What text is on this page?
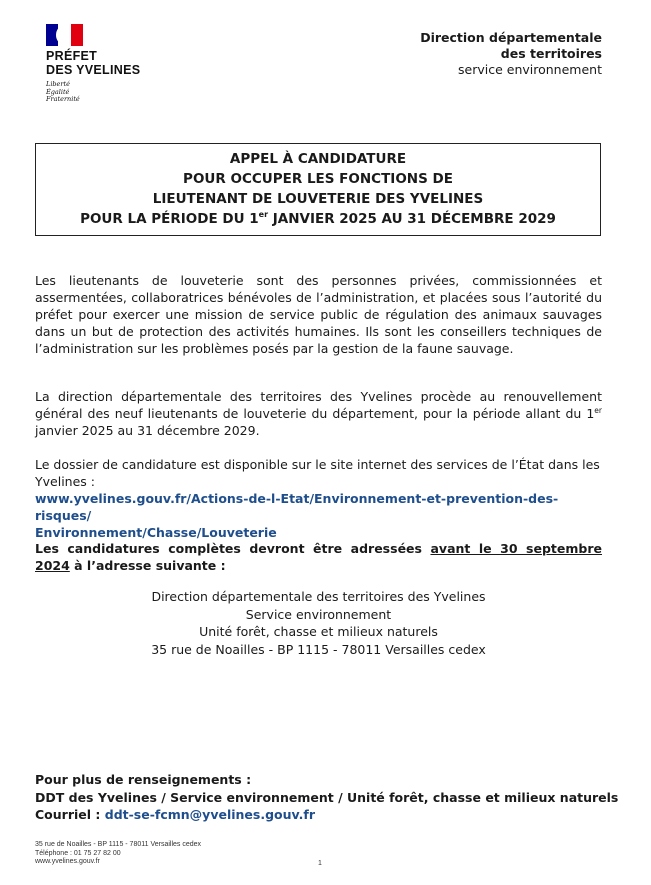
PRÉFET
DES YVELINES
Liberté
Égalité
Fraternité
Direction départementale
des territoires
service environnement
APPEL À CANDIDATURE
POUR OCCUPER LES FONCTIONS DE
LIEUTENANT DE LOUVETERIE DES YVELINES
POUR LA PÉRIODE DU 1er JANVIER 2025 AU 31 DÉCEMBRE 2029
Les lieutenants de louveterie sont des personnes privées, commissionnées et assermentées, collaboratrices bénévoles de l’administration, et placées sous l’autorité du préfet pour exercer une mission de service public de régulation des animaux sauvages dans un but de protection des activités humaines. Ils sont les conseillers techniques de l’administration sur les problèmes posés par la gestion de la faune sauvage.
La direction départementale des territoires des Yvelines procède au renouvellement général des neuf lieutenants de louveterie du département, pour la période allant du 1er janvier 2025 au 31 décembre 2029.
Le dossier de candidature est disponible sur le site internet des services de l’État dans les Yvelines :
www.yvelines.gouv.fr/Actions-de-l-Etat/Environnement-et-prevention-des-risques/
Environnement/Chasse/Louveterie
Les candidatures complètes devront être adressées avant le 30 septembre 2024 à l’adresse suivante :
Direction départementale des territoires des Yvelines
Service environnement
Unité forêt, chasse et milieux naturels
35 rue de Noailles - BP 1115 - 78011 Versailles cedex
Pour plus de renseignements :
DDT des Yvelines / Service environnement / Unité forêt, chasse et milieux naturels
Courriel : ddt-se-fcmn@yvelines.gouv.fr
35 rue de Noailles - BP 1115 - 78011 Versailles cedex
Téléphone : 01 75 27 82 00
www.yvelines.gouv.fr	1
